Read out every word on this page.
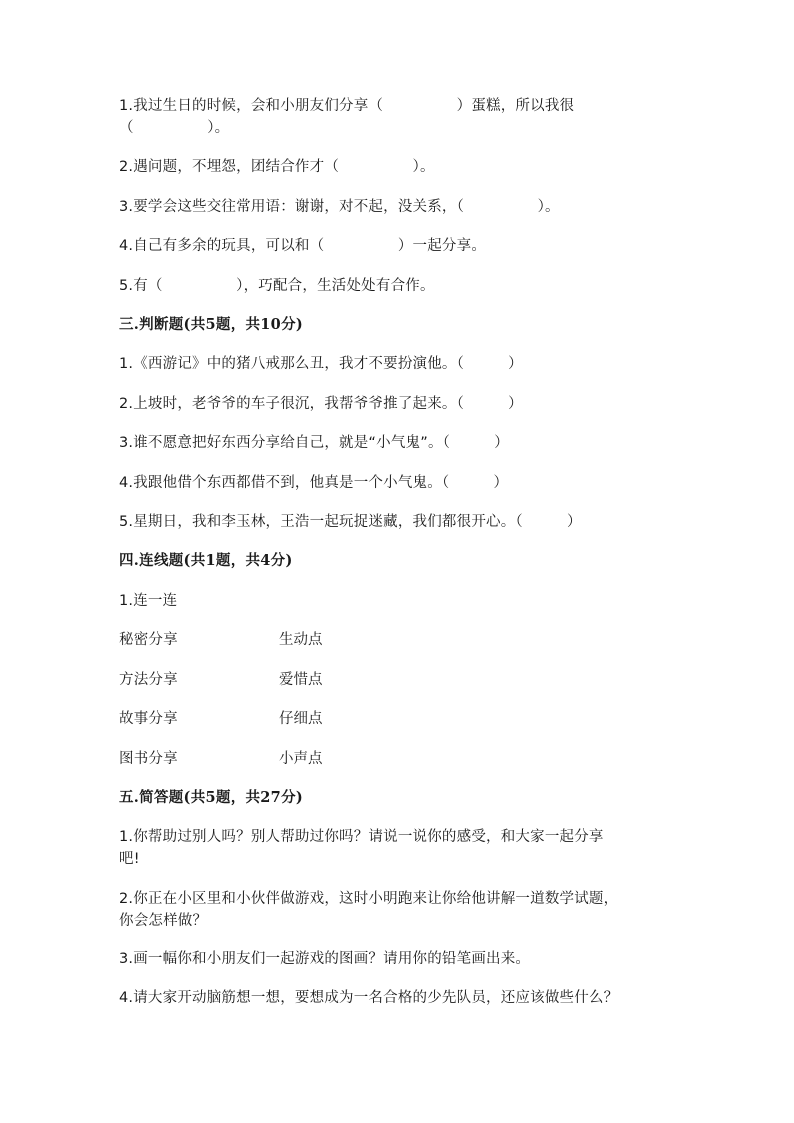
1.我过生日的时候，会和小朋友们分享（　　　　　）蛋糕，所以我很
（　　　　　）。
2.遇问题，不埋怨，团结合作才（　　　　　）。
3.要学会这些交往常用语：谢谢，对不起，没关系，（　　　　　）。
4.自己有多余的玩具，可以和（　　　　　）一起分享。
5.有（　　　　　），巧配合，生活处处有合作。
三.判断题(共5题，共10分)
1.《西游记》中的猪八戒那么丑，我才不要扮演他。（　　　）
2.上坡时，老爷爷的车子很沉，我帮爷爷推了起来。（　　　）
3.谁不愿意把好东西分享给自己，就是“小气鬼”。（　　　）
4.我跟他借个东西都借不到，他真是一个小气鬼。（　　　）
5.星期日，我和李玉林，王浩一起玩捉迷藏，我们都很开心。（　　　）
四.连线题(共1题，共4分)
1.连一连
秘密分享	生动点
方法分享	爱惜点
故事分享	仔细点
图书分享	小声点
五.简答题(共5题，共27分)
1.你帮助过别人吗？别人帮助过你吗？请说一说你的感受，和大家一起分享
吧!
2.你正在小区里和小伙伴做游戏，这时小明跑来让你给他讲解一道数学试题，
你会怎样做？
3.画一幅你和小朋友们一起游戏的图画？请用你的铅笔画出来。
4.请大家开动脑筋想一想，要想成为一名合格的少先队员，还应该做些什么？
